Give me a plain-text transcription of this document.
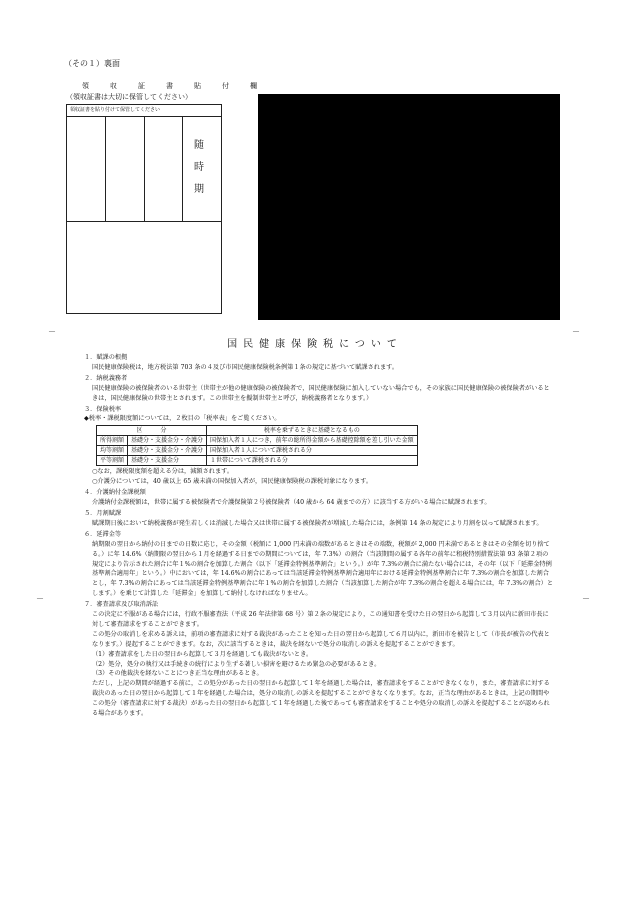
（その１）裏面
領　収　証　書　貼　付　欄
（領収証書は大切に保管してください）
領収証書を貼り付けて保管してください
随
時
期
－	－
－	－
国民健康保険税について

１．賦課の根拠

国民健康保険税は，地方税法第 703 条の４及び市国民健康保険税条例第１条の規定に基づいて賦課されます。

２．納税義務者

国民健康保険の被保険者のいる世帯主（世帯主が他の健康保険の被保険者で，国民健康保険に加入していない場合でも，その家族に国民健康保険の被保険者がいるときは，国民健康保険の世帯主とされます。この世帯主を擬制世帯主と呼び，納税義務者となります。）

３．保険税率

◆税率・課税限度額については，２枚目の「税率表」をご覧ください。

区　　　分		税率を乗ずるときに基礎となるもの
所得割額	基礎分・支援金分・介護分	国保加入者１人につき，前年の総所得金額から基礎控除額を差し引いた金額
均等割額	基礎分・支援金分・介護分	国保加入者１人について課税される分
平等割額	基礎分・支援金分	１世帯について課税される分

○なお，課税限度額を超える分は，減額されます。

○介護分については，40 歳以上 65 歳未満の国保加入者が，国民健康保険税の課税対象になります。

４．介護納付金課税額

介護納付金課税額は，世帯に属する被保険者で介護保険第２号被保険者（40 歳から 64 歳までの方）に該当する方がいる場合に賦課されます。

５．月割賦課

賦課期日後において納税義務が発生若しくは消滅した場合又は世帯に属する被保険者が増減した場合には，条例第 14 条の規定により月割を以って賦課されます。

６．延滞金等

納期限の翌日から納付の日までの日数に応じ，その金額（税額に 1,000 円未満の端数があるときはその端数，税額が 2,000 円未満であるときはその全額を切り捨てる。）に年 14.6%（納期限の翌日から１月を経過する日までの期間については，年 7.3%）の割合（当該期間の属する各年の前年に租税特別措置法第 93 条第２項の規定により告示された割合に年１%の割合を加算した割合（以下「延滞金特例基準割合」という。）が年 7.3%の割合に満たない場合には，その年（以下「延滞金特例基準割合適用年」という。）中においては，年 14.6%の割合にあっては当該延滞金特例基準割合適用年における延滞金特例基準割合に年 7.3%の割合を加算した割合とし，年 7.3%の割合にあっては当該延滞金特例基準割合に年１%の割合を加算した割合（当該加算した割合が年 7.3%の割合を超える場合には，年 7.3%の割合）とします。）を乗じて計算した「延滞金」を加算して納付しなければなりません。

７．審査請求及び取消訴訟

この決定に不服がある場合には，行政不服審査法（平成 26 年法律第 68 号）第２条の規定により，この通知書を受けた日の翌日から起算して３月以内に新田市長に対して審査請求をすることができます。

この処分の取消しを求める訴えは，前項の審査請求に対する裁決があったことを知った日の翌日から起算して６月以内に，新田市を被告として（市長が被告の代表となります。）提起することができます。なお，次に該当するときは，裁決を経ないで処分の取消しの訴えを提起することができます。

（1）審査請求をした日の翌日から起算して３月を経過しても裁決がないとき。

（2）処分，処分の執行又は手続きの続行により生ずる著しい損害を避けるため緊急の必要があるとき。

（3）その他裁決を経ないことにつき正当な理由があるとき。

ただし，上記の期間が経過する前に，この処分があった日の翌日から起算して１年を経過した場合は，審査請求をすることができなくなり，また，審査請求に対する裁決のあった日の翌日から起算して１年を経過した場合は，処分の取消しの訴えを提起することができなくなります。なお，正当な理由があるときは，上記の期間やこの処分（審査請求に対する裁決）があった日の翌日から起算して１年を経過した後であっても審査請求をすることや処分の取消しの訴えを提起することが認められる場合があります。
